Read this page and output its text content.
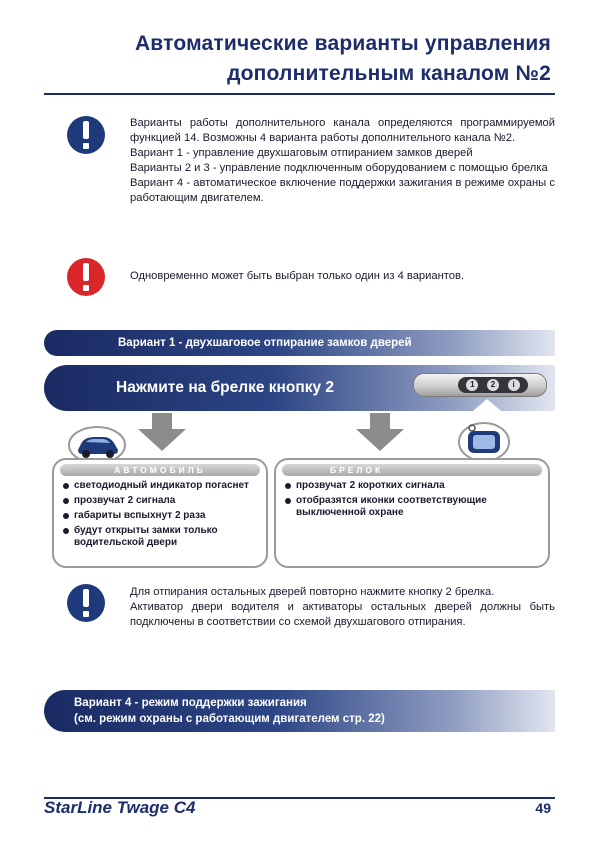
Автоматические варианты управления
дополнительным каналом №2

Варианты работы дополнительного канала определяются программируемой функцией 14. Возможны 4 варианта работы дополнительного канала №2.

Вариант 1 - управление двухшаговым отпиранием замков дверей

Варианты 2 и 3 - управление подключенным оборудованием с помощью брелка

Вариант 4 - автоматическое включение поддержки зажигания в режиме охраны с работающим двигателем.

Одновременно может быть выбран только один из 4 вариантов.
Вариант 1 - двухшаговое отпирание замков дверей
Нажмите на брелке кнопку 2	1	2	i
АВТОМОБИЛЬ
светодиодный индикатор погаснет
прозвучат 2 сигнала
габариты вспыхнут 2 раза
будут открыты замки только водительской двери
БРЕЛОК
прозвучат 2 коротких сигнала
отобразятся иконки соответствующие выключенной охране

Для отпирания остальных дверей повторно нажмите кнопку 2 брелка.

Активатор двери водителя и активаторы остальных дверей должны быть подключены в соответствии со схемой двухшагового отпирания.

Вариант 4 - режим поддержки зажигания
(см. режим охраны с работающим двигателем стр. 22)
StarLine Twage C4	49
